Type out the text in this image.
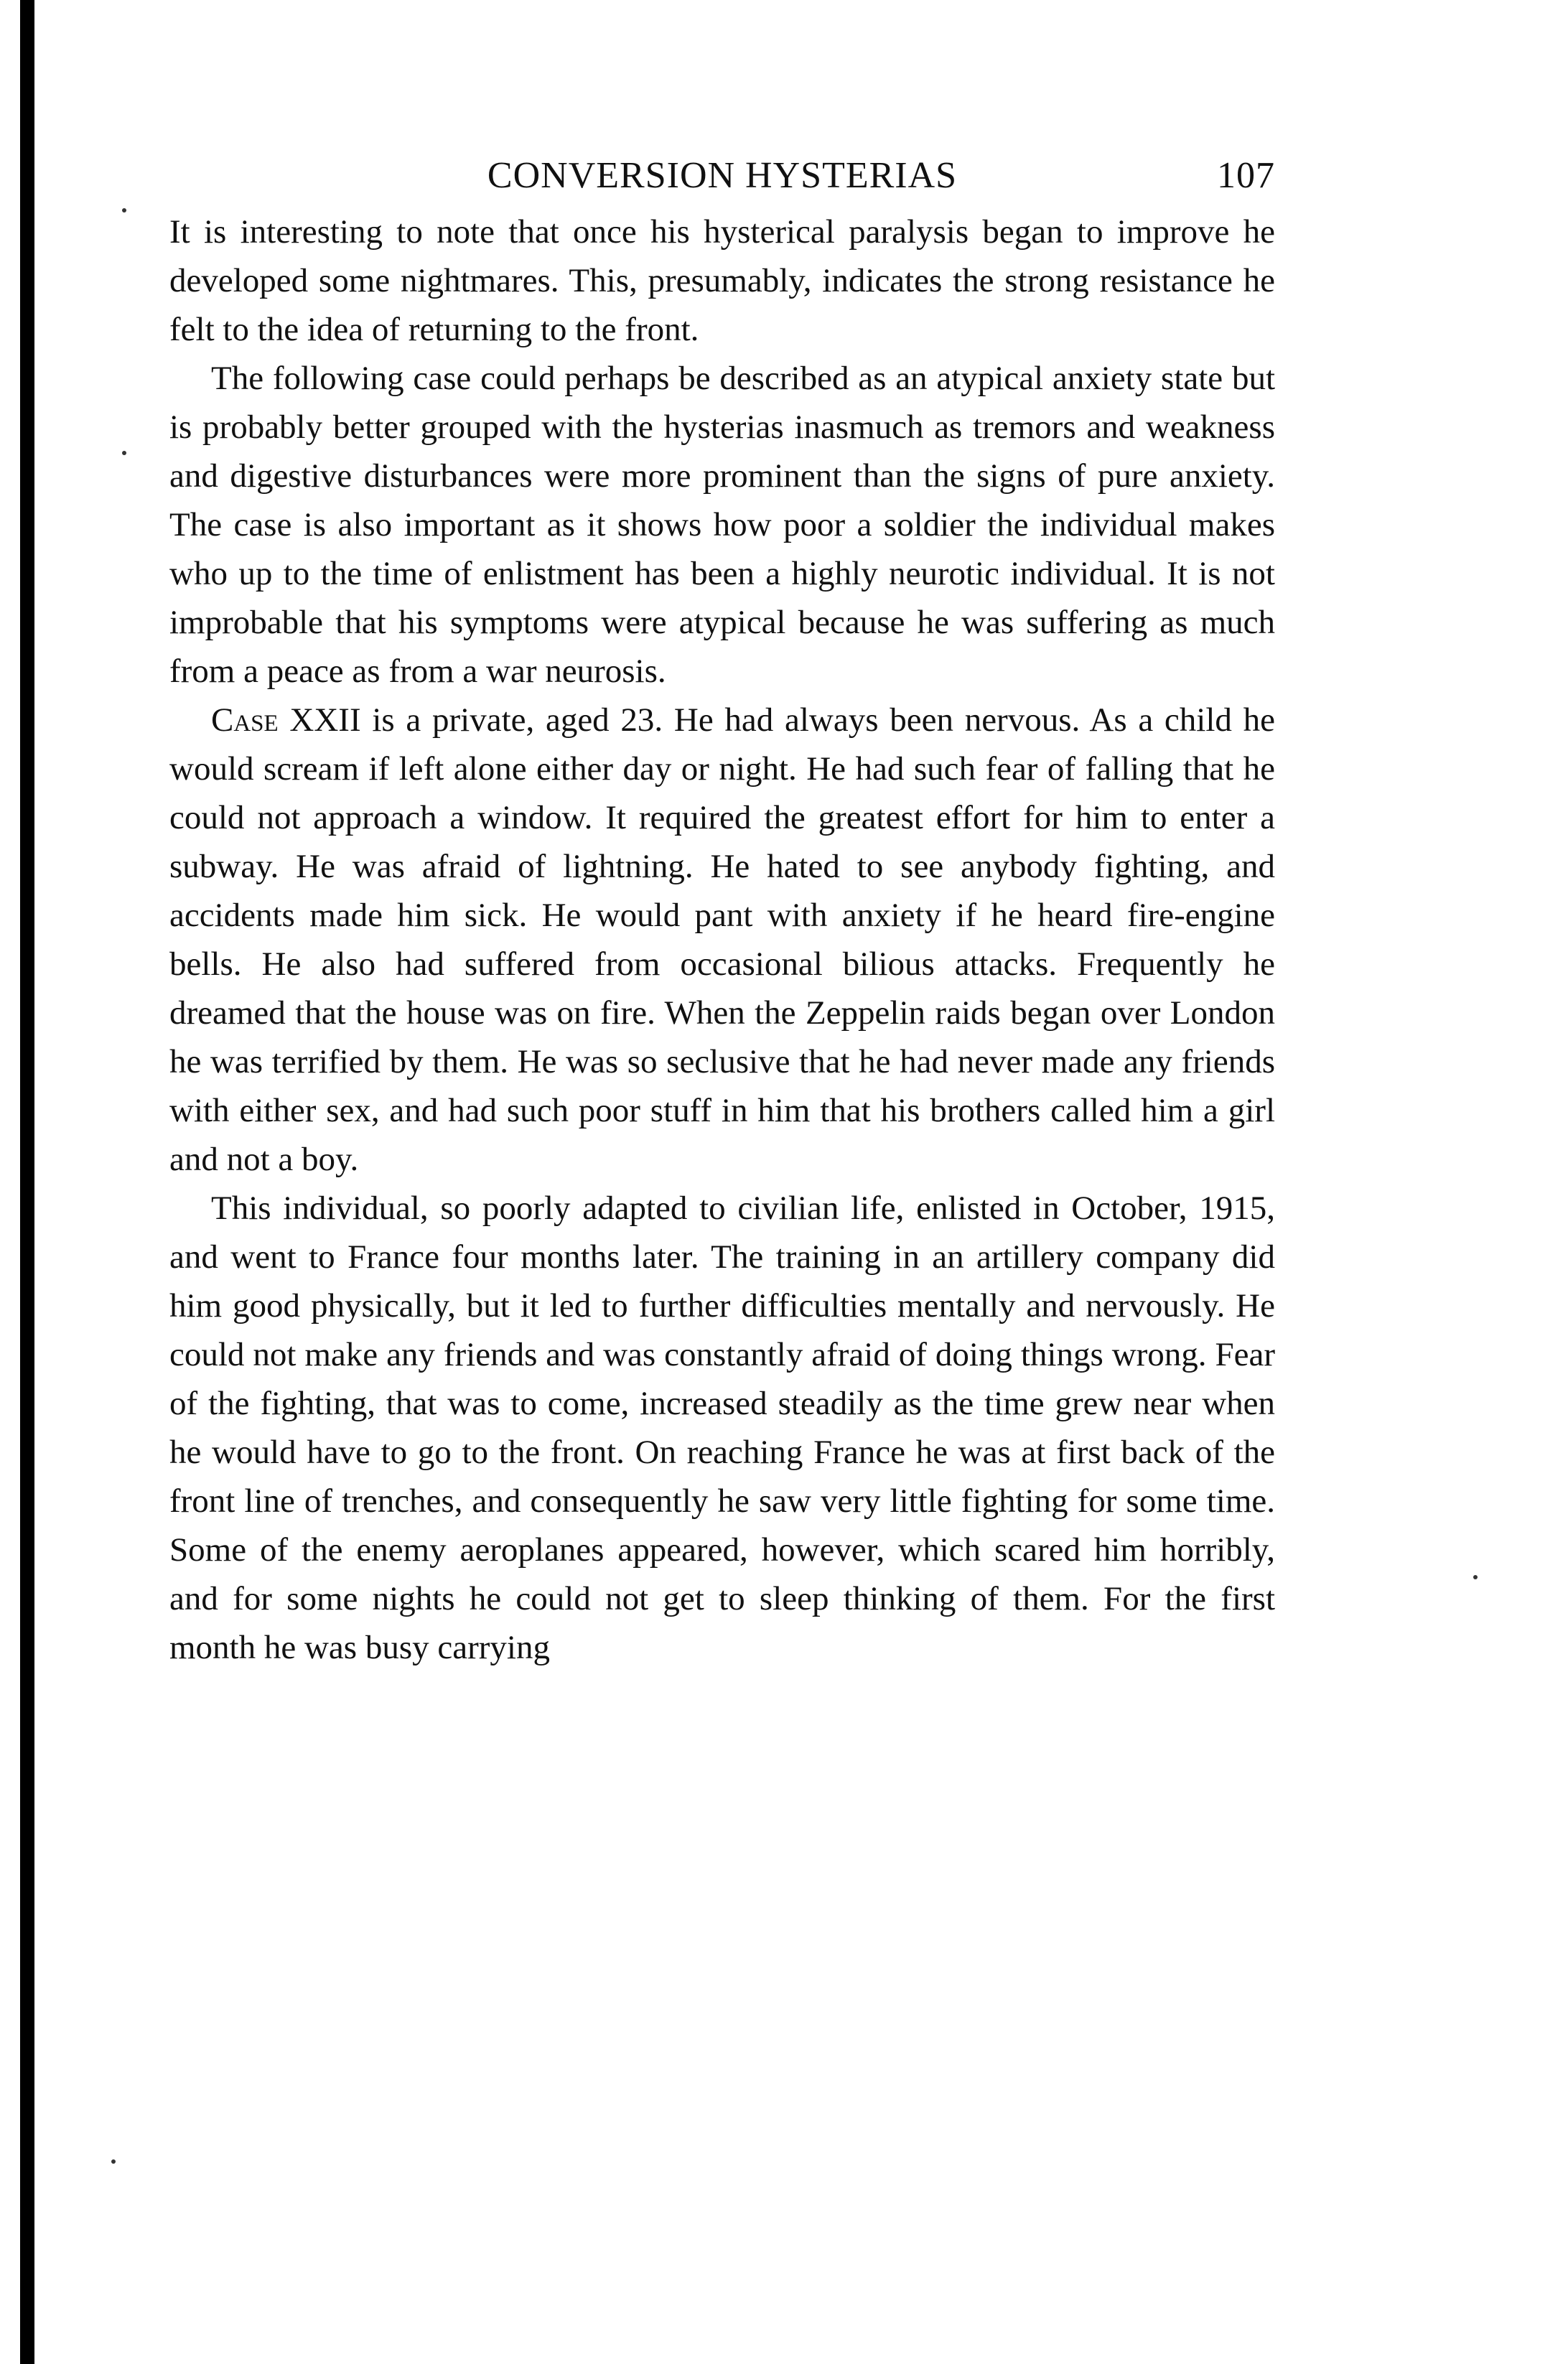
CONVERSION HYSTERIAS	107

It is interesting to note that once his hysterical paralysis began to improve he developed some nightmares. This, presumably, indicates the strong resistance he felt to the idea of returning to the front.

The following case could perhaps be described as an atypical anxiety state but is probably better grouped with the hysterias inasmuch as tremors and weakness and digestive disturbances were more prominent than the signs of pure anxiety. The case is also important as it shows how poor a soldier the individual makes who up to the time of enlistment has been a highly neurotic individual. It is not improbable that his symptoms were atypical because he was suffering as much from a peace as from a war neurosis.

Case XXII is a private, aged 23. He had always been nervous. As a child he would scream if left alone either day or night. He had such fear of falling that he could not approach a window. It required the greatest effort for him to enter a subway. He was afraid of lightning. He hated to see anybody fighting, and accidents made him sick. He would pant with anxiety if he heard fire-engine bells. He also had suffered from occasional bilious attacks. Frequently he dreamed that the house was on fire. When the Zeppelin raids began over London he was terrified by them. He was so seclusive that he had never made any friends with either sex, and had such poor stuff in him that his brothers called him a girl and not a boy.

This individual, so poorly adapted to civilian life, enlisted in October, 1915, and went to France four months later. The training in an artillery company did him good physically, but it led to further difficulties mentally and nervously. He could not make any friends and was constantly afraid of doing things wrong. Fear of the fighting, that was to come, increased steadily as the time grew near when he would have to go to the front. On reaching France he was at first back of the front line of trenches, and consequently he saw very little fighting for some time. Some of the enemy aeroplanes appeared, however, which scared him horribly, and for some nights he could not get to sleep thinking of them. For the first month he was busy carrying
